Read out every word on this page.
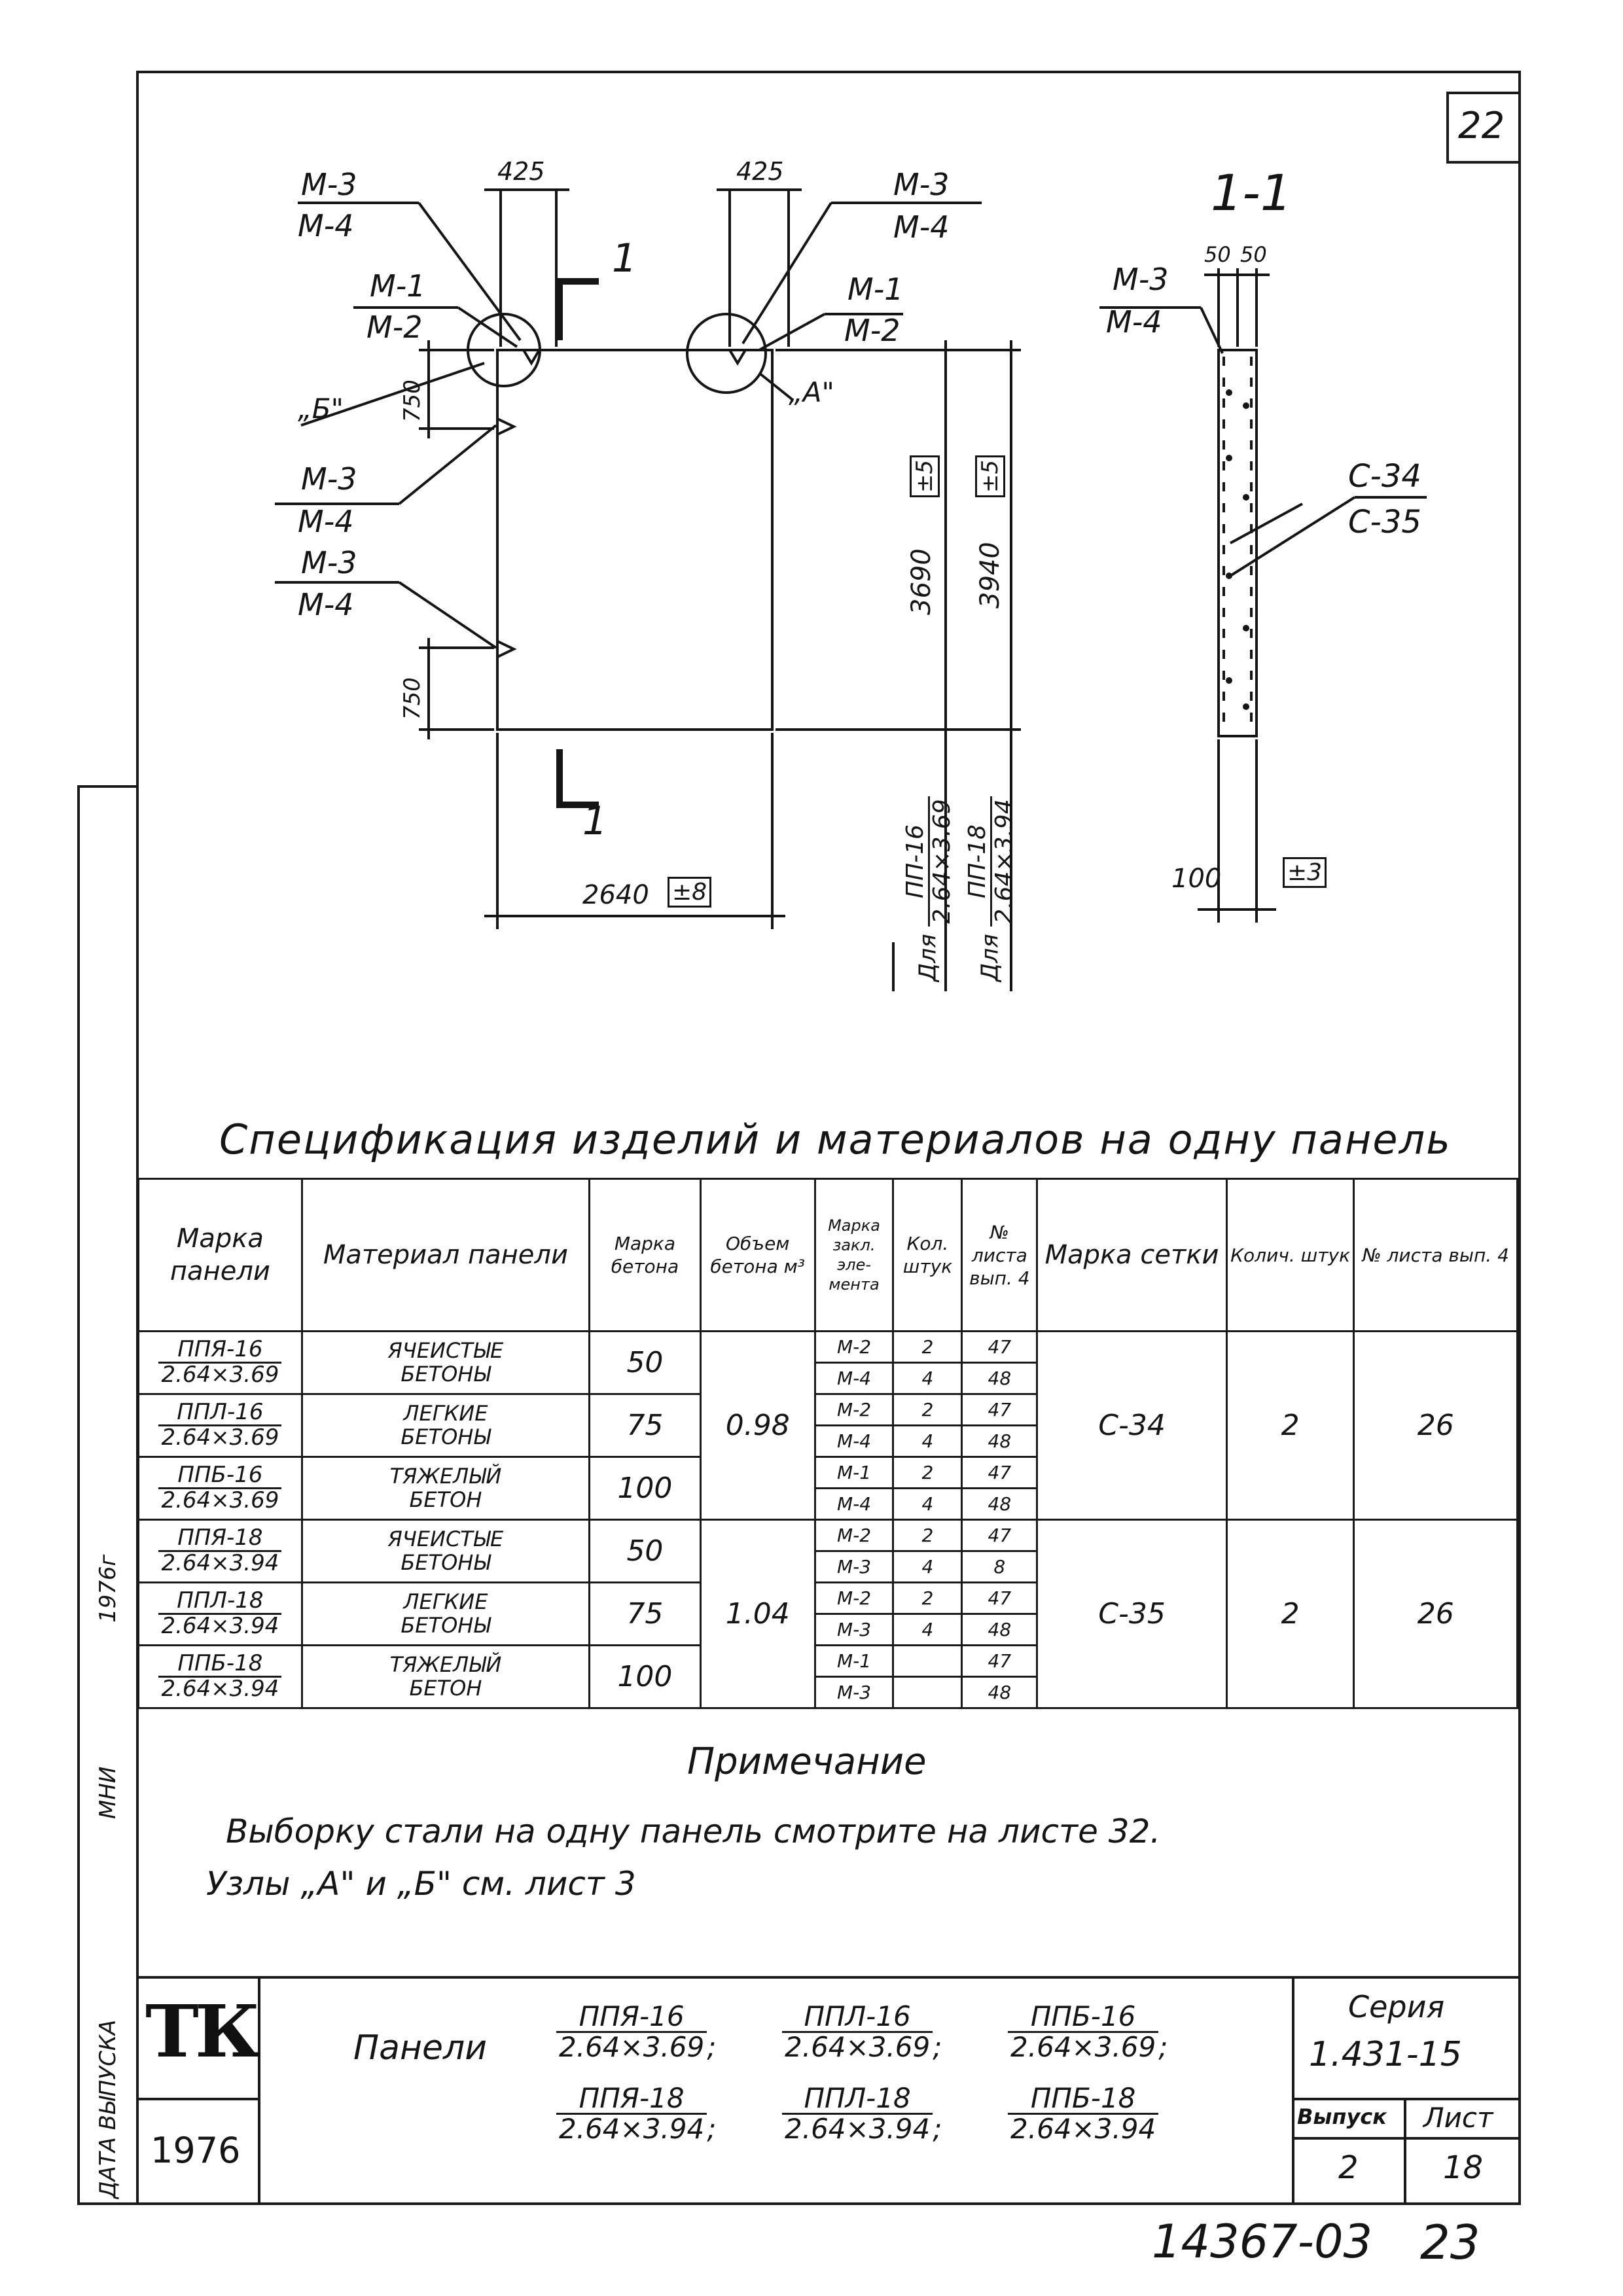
22
ДАТА ВЫПУСКА
МНИ
1976г
М-3
М-4
М-1
М-2
425	425
„Б"
М-3
М-4
М-3
М-4
750
750
1
1
М-3
М-4
М-1
М-2
„А"
±5 ±5
3690 3940
2640 ±8
Для
ПП-16 2.64×3.69
Для
ПП-18 2.64×3.94
1-1
50 50
М-3
М-4
С-34
С-35
100	±3
Спецификация изделий и материалов на одну панель
Марка панели	Материал панели	Марка бетона	Объем бетона м³	Марка закл. эле- мента	Кол. штук	№ листа вып. 4	Марка сетки	Колич. штук	№ листа вып. 4

$\frac{\text{ППЯ-16}}{2.64\times 3.69}$	ЯЧЕИСТЫЕ
БЕТОНЫ	50	0.98	М-2	2	47	С-34	2	26
				М-4	4	48			

$\frac{\text{ППЛ-16}}{2.64\times 3.69}$	ЛЕГКИЕ
БЕТОНЫ	75		М-2	2	47			
				М-4	4	48			

$\frac{\text{ППБ-16}}{2.64\times 3.69}$	ТЯЖЕЛЫЙ
БЕТОН	100		М-1	2	47			
				М-4	4	48			

$\frac{\text{ППЯ-18}}{2.64\times 3.94}$	ЯЧЕИСТЫЕ
БЕТОНЫ	50	1.04	М-2	2	47	С-35	2	26
				М-3	4	8			

$\frac{\text{ППЛ-18}}{2.64\times 3.94}$	ЛЕГКИЕ
БЕТОНЫ	75		М-2	2	47			
				М-3	4	48			

$\frac{\text{ППБ-18}}{2.64\times 3.94}$	ТЯЖЕЛЫЙ
БЕТОН	100		М-1		47			
				М-3		48			
Примечание
Выборку стали на одну панель смотрите на листе 32.
Узлы „А" и „Б" см. лист 3
ТК
1976
Панели	$\frac{\text{ППЯ-16}}{2.64\times 3.69}$ ; $\frac{\text{ППЛ-16}}{2.64\times 3.69}$ ; $\frac{\text{ППБ-16}}{2.64\times 3.69}$ ;
$\frac{\text{ППЯ-18}}{2.64\times 3.94}$ ; $\frac{\text{ППЛ-18}}{2.64\times 3.94}$ ; $\frac{\text{ППБ-18}}{2.64\times 3.94}$
Серия
1.431-15
Выпуск Лист
2	18
14367-03 23
